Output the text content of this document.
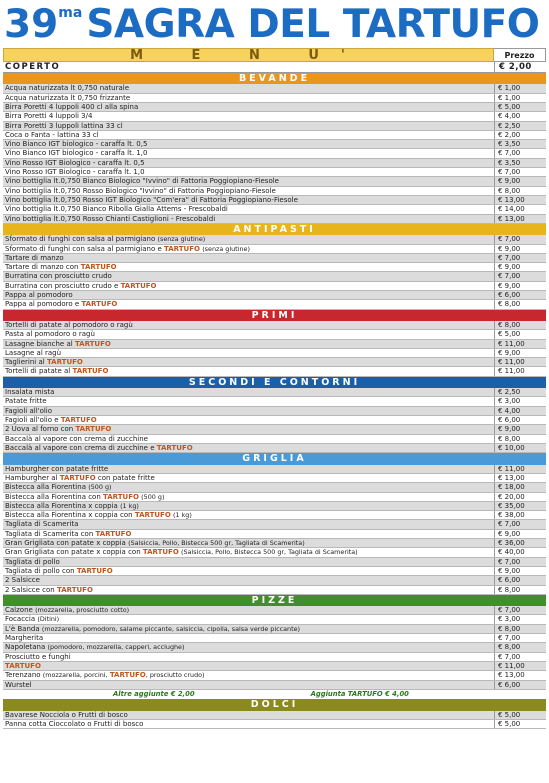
39 ma SAGRA DEL TARTUFO
M E N U'	Prezzo
COPERTO	€ 2,00
BEVANDE
Acqua naturizzata lt 0,750 naturale	€ 1,00
Acqua naturizzata lt 0,750 frizzante	€ 1,00
Birra Poretti 4 luppoli 400 cl alla spina	€ 5,00
Birra Poretti 4 luppoli 3/4	€ 4,00
Birra Poretti 3 luppoli lattina 33 cl	€ 2,50
Coca o Fanta - lattina 33 cl	€ 2,00
Vino Bianco IGT biologico - caraffa lt. 0,5	€ 3,50
Vino Bianco IGT biologico - caraffa lt. 1,0	€ 7,00
Vino Rosso IGT Biologico - caraffa lt. 0,5	€ 3,50
Vino Rosso IGT Biologico - caraffa lt. 1,0	€ 7,00
Vino bottiglia lt.0,750 Bianco Biologico "Ivvino" di Fattoria Poggiopiano-Fiesole	€ 9,00
Vino bottiglia lt.0,750 Rosso Biologico "Ivvino" di Fattoria Poggiopiano-Fiesole	€ 8,00
Vino bottiglia lt.0,750 Rosso IGT Biologico "Com'era" di Fattoria Poggiopiano-Fiesole	€ 13,00
Vino bottiglia lt.0,750 Bianco Ribolla Gialla Attems - Frescobaldi	€ 14,00
Vino bottiglia lt.0,750 Rosso Chianti Castiglioni - Frescobaldi	€ 13,00
ANTIPASTI
Sformato di funghi con salsa al parmigiano (senza glutine)	€ 7,00
Sformato di funghi con salsa al parmigiano e TARTUFO (senza glutine)	€ 9,00
Tartare di manzo	€ 7,00
Tartare di manzo con TARTUFO	€ 9,00
Burratina con prosciutto crudo	€ 7,00
Burratina con prosciutto crudo e TARTUFO	€ 9,00
Pappa al pomodoro	€ 6,00
Pappa al pomodoro e TARTUFO	€ 8,00
PRIMI
Tortelli di patate al pomodoro o ragù	€ 8,00
Pasta al pomodoro o ragù	€ 5,00
Lasagne bianche al TARTUFO	€ 11,00
Lasagne al ragù	€ 9,00
Taglierini al TARTUFO	€ 11,00
Tortelli di patate al TARTUFO	€ 11,00
SECONDI E CONTORNI
Insalata mista	€ 2,50
Patate fritte	€ 3,00
Fagioli all'olio	€ 4,00
Fagioli all'olio e TARTUFO	€ 6,00
2 Uova al forno con TARTUFO	€ 9,00
Baccalà al vapore con crema di zucchine	€ 8,00
Baccalà al vapore con crema di zucchine e TARTUFO	€ 10,00
GRIGLIA
Hamburgher con patate fritte	€ 11,00
Hamburgher al TARTUFO con patate fritte	€ 13,00
Bistecca alla Fiorentina (500 g)	€ 18,00
Bistecca alla Fiorentina con TARTUFO (500 g)	€ 20,00
Bistecca alla Fiorentina x coppia (1 kg)	€ 35,00
Bistecca alla Fiorentina x coppia con TARTUFO (1 kg)	€ 38,00
Tagliata di Scamerita	€ 7,00
Tagliata di Scamerita con TARTUFO	€ 9,00
Gran Grigliata con patate x coppia (Salsiccia, Pollo, Bistecca 500 gr, Tagliata di Scamerita)	€ 36,00
Gran Grigliata con patate x coppia con TARTUFO (Salsiccia, Pollo, Bistecca 500 gr, Tagliata di Scamerita)	€ 40,00
Tagliata di pollo	€ 7,00
Tagliata di pollo con TARTUFO	€ 9,00
2 Salsicce	€ 6,00
2 Salsicce con TARTUFO	€ 8,00
PIZZE
Calzone (mozzarella, prosciutto cotto)	€ 7,00
Focaccia (Ditini)	€ 3,00
L'è Banda (mozzarella, pomodoro, salame piccante, salsiccia, cipolla, salsa verde piccante)	€ 8,00
Margherita	€ 7,00
Napoletana (pomodoro, mozzarella, capperi, acciughe)	€ 8,00
Prosciutto e funghi	€ 7,00
TARTUFO	€ 11,00
Terenzano (mozzarella, porcini, TARTUFO, prosciutto crudo)	€ 13,00
Wurstel	€ 6,00
Altre aggiunte € 2,00	Aggiunta TARTUFO € 4,00
DOLCI
Bavarese Nocciola o Frutti di bosco	€ 5,00
Panna cotta Cioccolato o Frutti di bosco	€ 5,00
